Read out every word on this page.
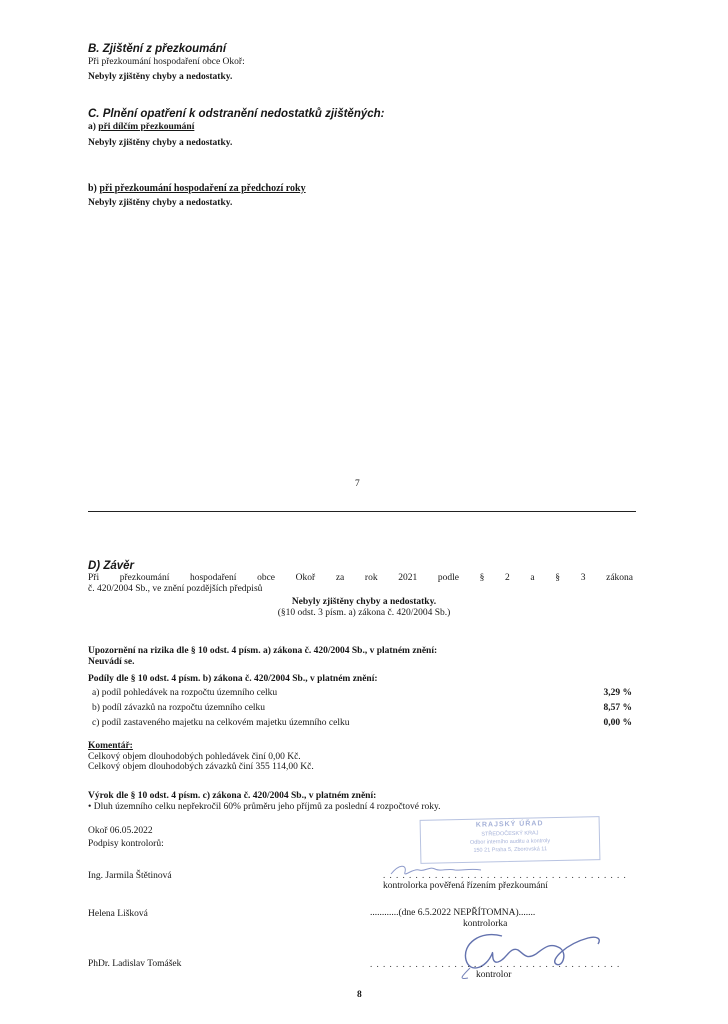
B. Zjištění z přezkoumání
Při přezkoumání hospodaření obce Okoř:
Nebyly zjištěny chyby a nedostatky.
C. Plnění opatření k odstranění nedostatků zjištěných:
a) při dílčím přezkoumání
Nebyly zjištěny chyby a nedostatky.
b) při přezkoumání hospodaření za předchozí roky
Nebyly zjištěny chyby a nedostatky.
7
D) Závěr
Při přezkoumání hospodaření obce Okoř za rok 2021 podle § 2 a § 3 zákona
č. 420/2004 Sb., ve znění pozdějších předpisů
Nebyly zjištěny chyby a nedostatky.
(§10 odst. 3 písm. a) zákona č. 420/2004 Sb.)
Upozornění na rizika dle § 10 odst. 4 písm. a) zákona č. 420/2004 Sb., v platném znění:
Neuvádí se.
Podíly dle § 10 odst. 4 písm. b) zákona č. 420/2004 Sb., v platném znění:
a) podíl pohledávek na rozpočtu územního celku	3,29 %
b) podíl závazků na rozpočtu územního celku	8,57 %
c) podíl zastaveného majetku na celkovém majetku územního celku	0,00 %
Komentář:
Celkový objem dlouhodobých pohledávek činí 0,00 Kč.
Celkový objem dlouhodobých závazků činí 355 114,00 Kč.
Výrok dle § 10 odst. 4 písm. c) zákona č. 420/2004 Sb., v platném znění:
• Dluh územního celku nepřekročil 60% průměru jeho příjmů za poslední 4 rozpočtové roky.
Okoř 06.05.2022
Podpisy kontrolorů:
KRAJSKÝ ÚŘAD
STŘEDOČESKÝ KRAJ
Odbor interního auditu a kontroly
150 21 Praha 5, Zborovská 11
Ing. Jarmila Štětinová	. . . . . . . . . . . . . . . . . . . . . . . . . . . . . . . . . . . . . .
kontrolorka pověřená řízením přezkoumání
Helena Lišková	............(dne 6.5.2022 NEPŘÍTOMNA).......
kontrolorka
PhDr. Ladislav Tomášek	. . . . . . . . . . . . . . . . . . . . . . . . . . . . . . . . . . . . . . .
kontrolor
8
